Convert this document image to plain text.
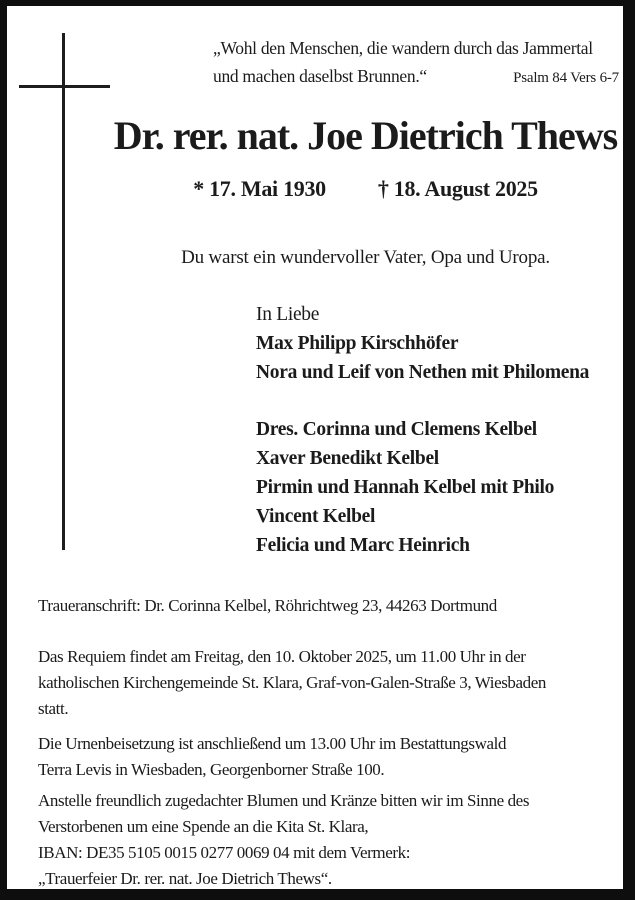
„Wohl den Menschen, die wandern durch das Jammertal
und machen daselbst Brunnen.“	Psalm 84 Vers 6-7
Dr. rer. nat. Joe Dietrich Thews
* 17. Mai 1930 † 18. August 2025
Du warst ein wundervoller Vater, Opa und Uropa.
In Liebe
Max Philipp Kirschhöfer
Nora und Leif von Nethen mit Philomena
Dres. Corinna und Clemens Kelbel
Xaver Benedikt Kelbel
Pirmin und Hannah Kelbel mit Philo
Vincent Kelbel
Felicia und Marc Heinrich
Traueranschrift: Dr. Corinna Kelbel, Röhrichtweg 23, 44263 Dortmund
Das Requiem findet am Freitag, den 10. Oktober 2025, um 11.00 Uhr in der
katholischen Kirchengemeinde St. Klara, Graf-von-Galen-Straße 3, Wiesbaden
statt.
Die Urnenbeisetzung ist anschließend um 13.00 Uhr im Bestattungswald
Terra Levis in Wiesbaden, Georgenborner Straße 100.
Anstelle freundlich zugedachter Blumen und Kränze bitten wir im Sinne des
Verstorbenen um eine Spende an die Kita St. Klara,
IBAN: DE35 5105 0015 0277 0069 04 mit dem Vermerk:
„Trauerfeier Dr. rer. nat. Joe Dietrich Thews“.
